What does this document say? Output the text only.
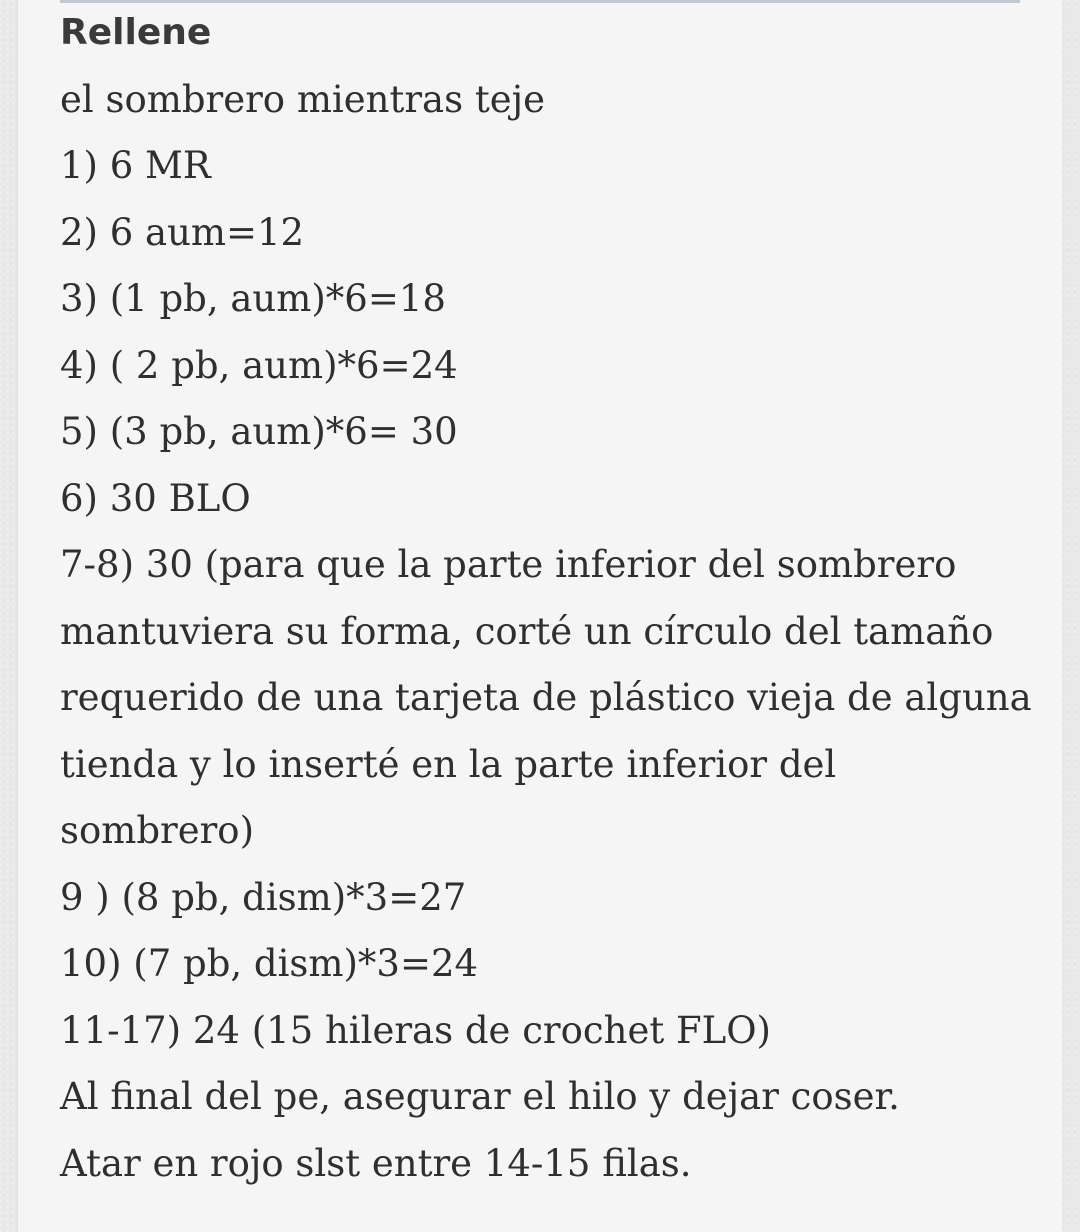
Rellene
el sombrero mientras teje
1) 6 MR
2) 6 aum=12
3) (1 pb, aum)*6=18
4) ( 2 pb, aum)*6=24
5) (3 pb, aum)*6= 30
6) 30 BLO
7-8) 30 (para que la parte inferior del sombrero
mantuviera su forma, corté un círculo del tamaño
requerido de una tarjeta de plástico vieja de alguna
tienda y lo inserté en la parte inferior del
sombrero)
9 ) (8 pb, dism)*3=27
10) (7 pb, dism)*3=24
11-17) 24 (15 hileras de crochet FLO)
Al final del pe, asegurar el hilo y dejar coser.
Atar en rojo slst entre 14-15 filas.
